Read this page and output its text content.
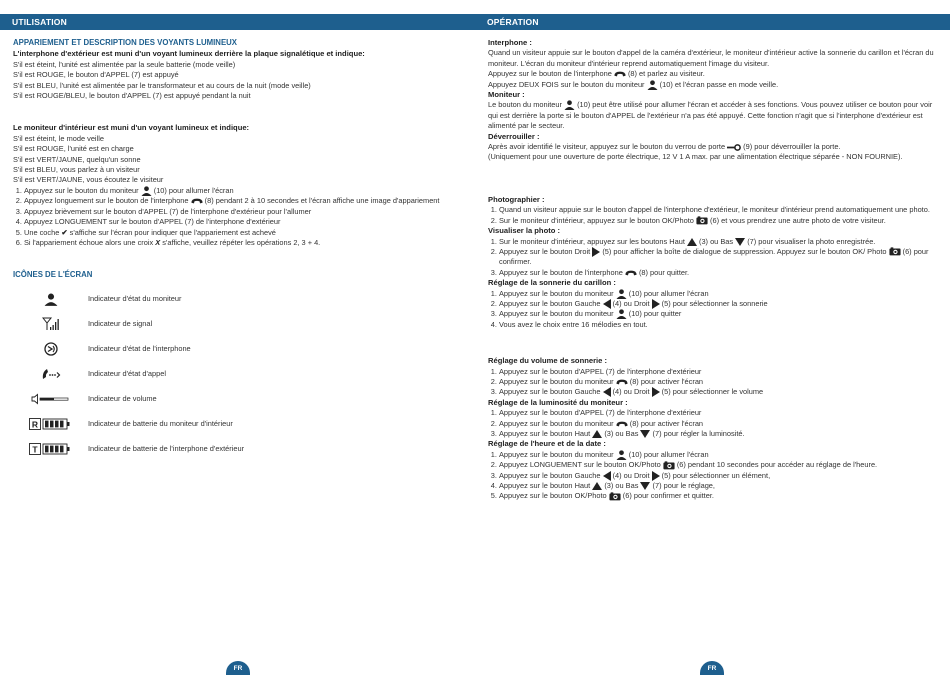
UTILISATION	OPÉRATION
APPARIEMENT ET DESCRIPTION DES VOYANTS LUMINEUX
L'interphone d'extérieur est muni d'un voyant lumineux derrière la plaque signalétique et indique:
S'il est éteint, l'unité est alimentée par la seule batterie (mode veille)
S'il est ROUGE, le bouton d'APPEL (7) est appuyé
S'il est BLEU, l'unité est alimentée par le transformateur et au cours de la nuit (mode veille)
S'il est ROUGE/BLEU, le bouton d'APPEL (7) est appuyé pendant la nuit
Le moniteur d'intérieur est muni d'un voyant lumineux et indique:
S'il est éteint, le mode veille
S'il est ROUGE, l'unité est en charge
S'il est VERT/JAUNE, quelqu'un sonne
S'il est BLEU, vous parlez à un visiteur
S'il est VERT/JAUNE, vous écoutez le visiteur
1. Appuyez sur le bouton du moniteur  (10) pour allumer l'écran
2. Appuyez longuement sur le bouton de l'interphone  (8) pendant 2 à 10 secondes et l'écran affiche une image d'appariement
3. Appuyez brièvement sur le bouton d'APPEL (7) de l'interphone d'extérieur pour l'allumer
4. Appuyez LONGUEMENT sur le bouton d'APPEL (7) de l'interphone d'extérieur
5. Une coche ✔ s'affiche sur l'écran pour indiquer que l'appariement est achevé
6. Si l'appariement échoue alors une croix X s'affiche, veuillez répéter les opérations 2, 3 + 4.
ICÔNES DE L'ÉCRAN
Indicateur d'état du moniteur
Indicateur de signal
Indicateur d'état de l'interphone
Indicateur d'état d'appel
Indicateur de volume
R	Indicateur de batterie du moniteur d'intérieur
T	Indicateur de batterie de l'interphone d'extérieur
Interphone :
Quand un visiteur appuie sur le bouton d'appel de la caméra d'extérieur, le moniteur d'intérieur active la sonnerie du carillon et l'écran du moniteur. L'écran du moniteur d'intérieur reprend automatiquement l'image du visiteur.
Appuyez sur le bouton de l'interphone  (8) et parlez au visiteur.
Appuyez DEUX FOIS sur le bouton du moniteur  (10) et l'écran passe en mode veille.
Moniteur :
Le bouton du moniteur  (10) peut être utilisé pour allumer l'écran et accéder à ses fonctions. Vous pouvez utiliser ce bouton pour voir qui est derrière la porte si le bouton d'APPEL de l'extérieur n'a pas été appuyé. Cette fonction n'agit que si l'interphone d'extérieur est alimenté par le secteur.
Déverrouiller :
Après avoir identifié le visiteur, appuyez sur le bouton du verrou de porte  (9) pour déverrouiller la porte.
(Uniquement pour une ouverture de porte électrique, 12 V 1 A max. par une alimentation électrique séparée - NON FOURNIE).
Photographier :
1. Quand un visiteur appuie sur le bouton d'appel de l'interphone d'extérieur, le moniteur d'intérieur prend automatiquement une photo.
2. Sur le moniteur d'intérieur, appuyez sur le bouton OK/Photo  (6) et vous prendrez une autre photo de votre visiteur.
Visualiser la photo :
1. Sur le moniteur d'intérieur, appuyez sur les boutons Haut  (3) ou Bas  (7) pour visualiser la photo enregistrée.
2. Appuyez sur le bouton Droit  (5) pour afficher la boîte de dialogue de suppression. Appuyez sur le bouton OK/ Photo  (6) pour confirmer.
3. Appuyez sur le bouton de l'interphone  (8) pour quitter.
Réglage de la sonnerie du carillon :
1. Appuyez sur le bouton du moniteur  (10) pour allumer l'écran
2. Appuyez sur le bouton Gauche  (4) ou Droit  (5) pour sélectionner la sonnerie
3. Appuyez sur le bouton du moniteur  (10) pour quitter
4. Vous avez le choix entre 16 mélodies en tout.
Réglage du volume de sonnerie :
1. Appuyez sur le bouton d'APPEL (7) de l'interphone d'extérieur
2. Appuyez sur le bouton du moniteur  (8) pour activer l'écran
3. Appuyez sur le bouton Gauche  (4) ou Droit  (5) pour sélectionner le volume
Réglage de la luminosité du moniteur :
1. Appuyez sur le bouton d'APPEL (7) de l'interphone d'extérieur
2. Appuyez sur le bouton du moniteur  (8) pour activer l'écran
3. Appuyez sur le bouton Haut  (3) ou Bas  (7) pour régler la luminosité.
Réglage de l'heure et de la date :
1. Appuyez sur le bouton du moniteur  (10) pour allumer l'écran
2. Appuyez LONGUEMENT sur le bouton OK/Photo  (6) pendant 10 secondes pour accéder au réglage de l'heure.
3. Appuyez sur le bouton Gauche  (4) ou Droit  (5) pour sélectionner un élément,
4. Appuyez sur le bouton Haut  (3) ou Bas  (7) pour le réglage,
5. Appuyez sur le bouton OK/Photo  (6) pour confirmer et quitter.
FR	FR
